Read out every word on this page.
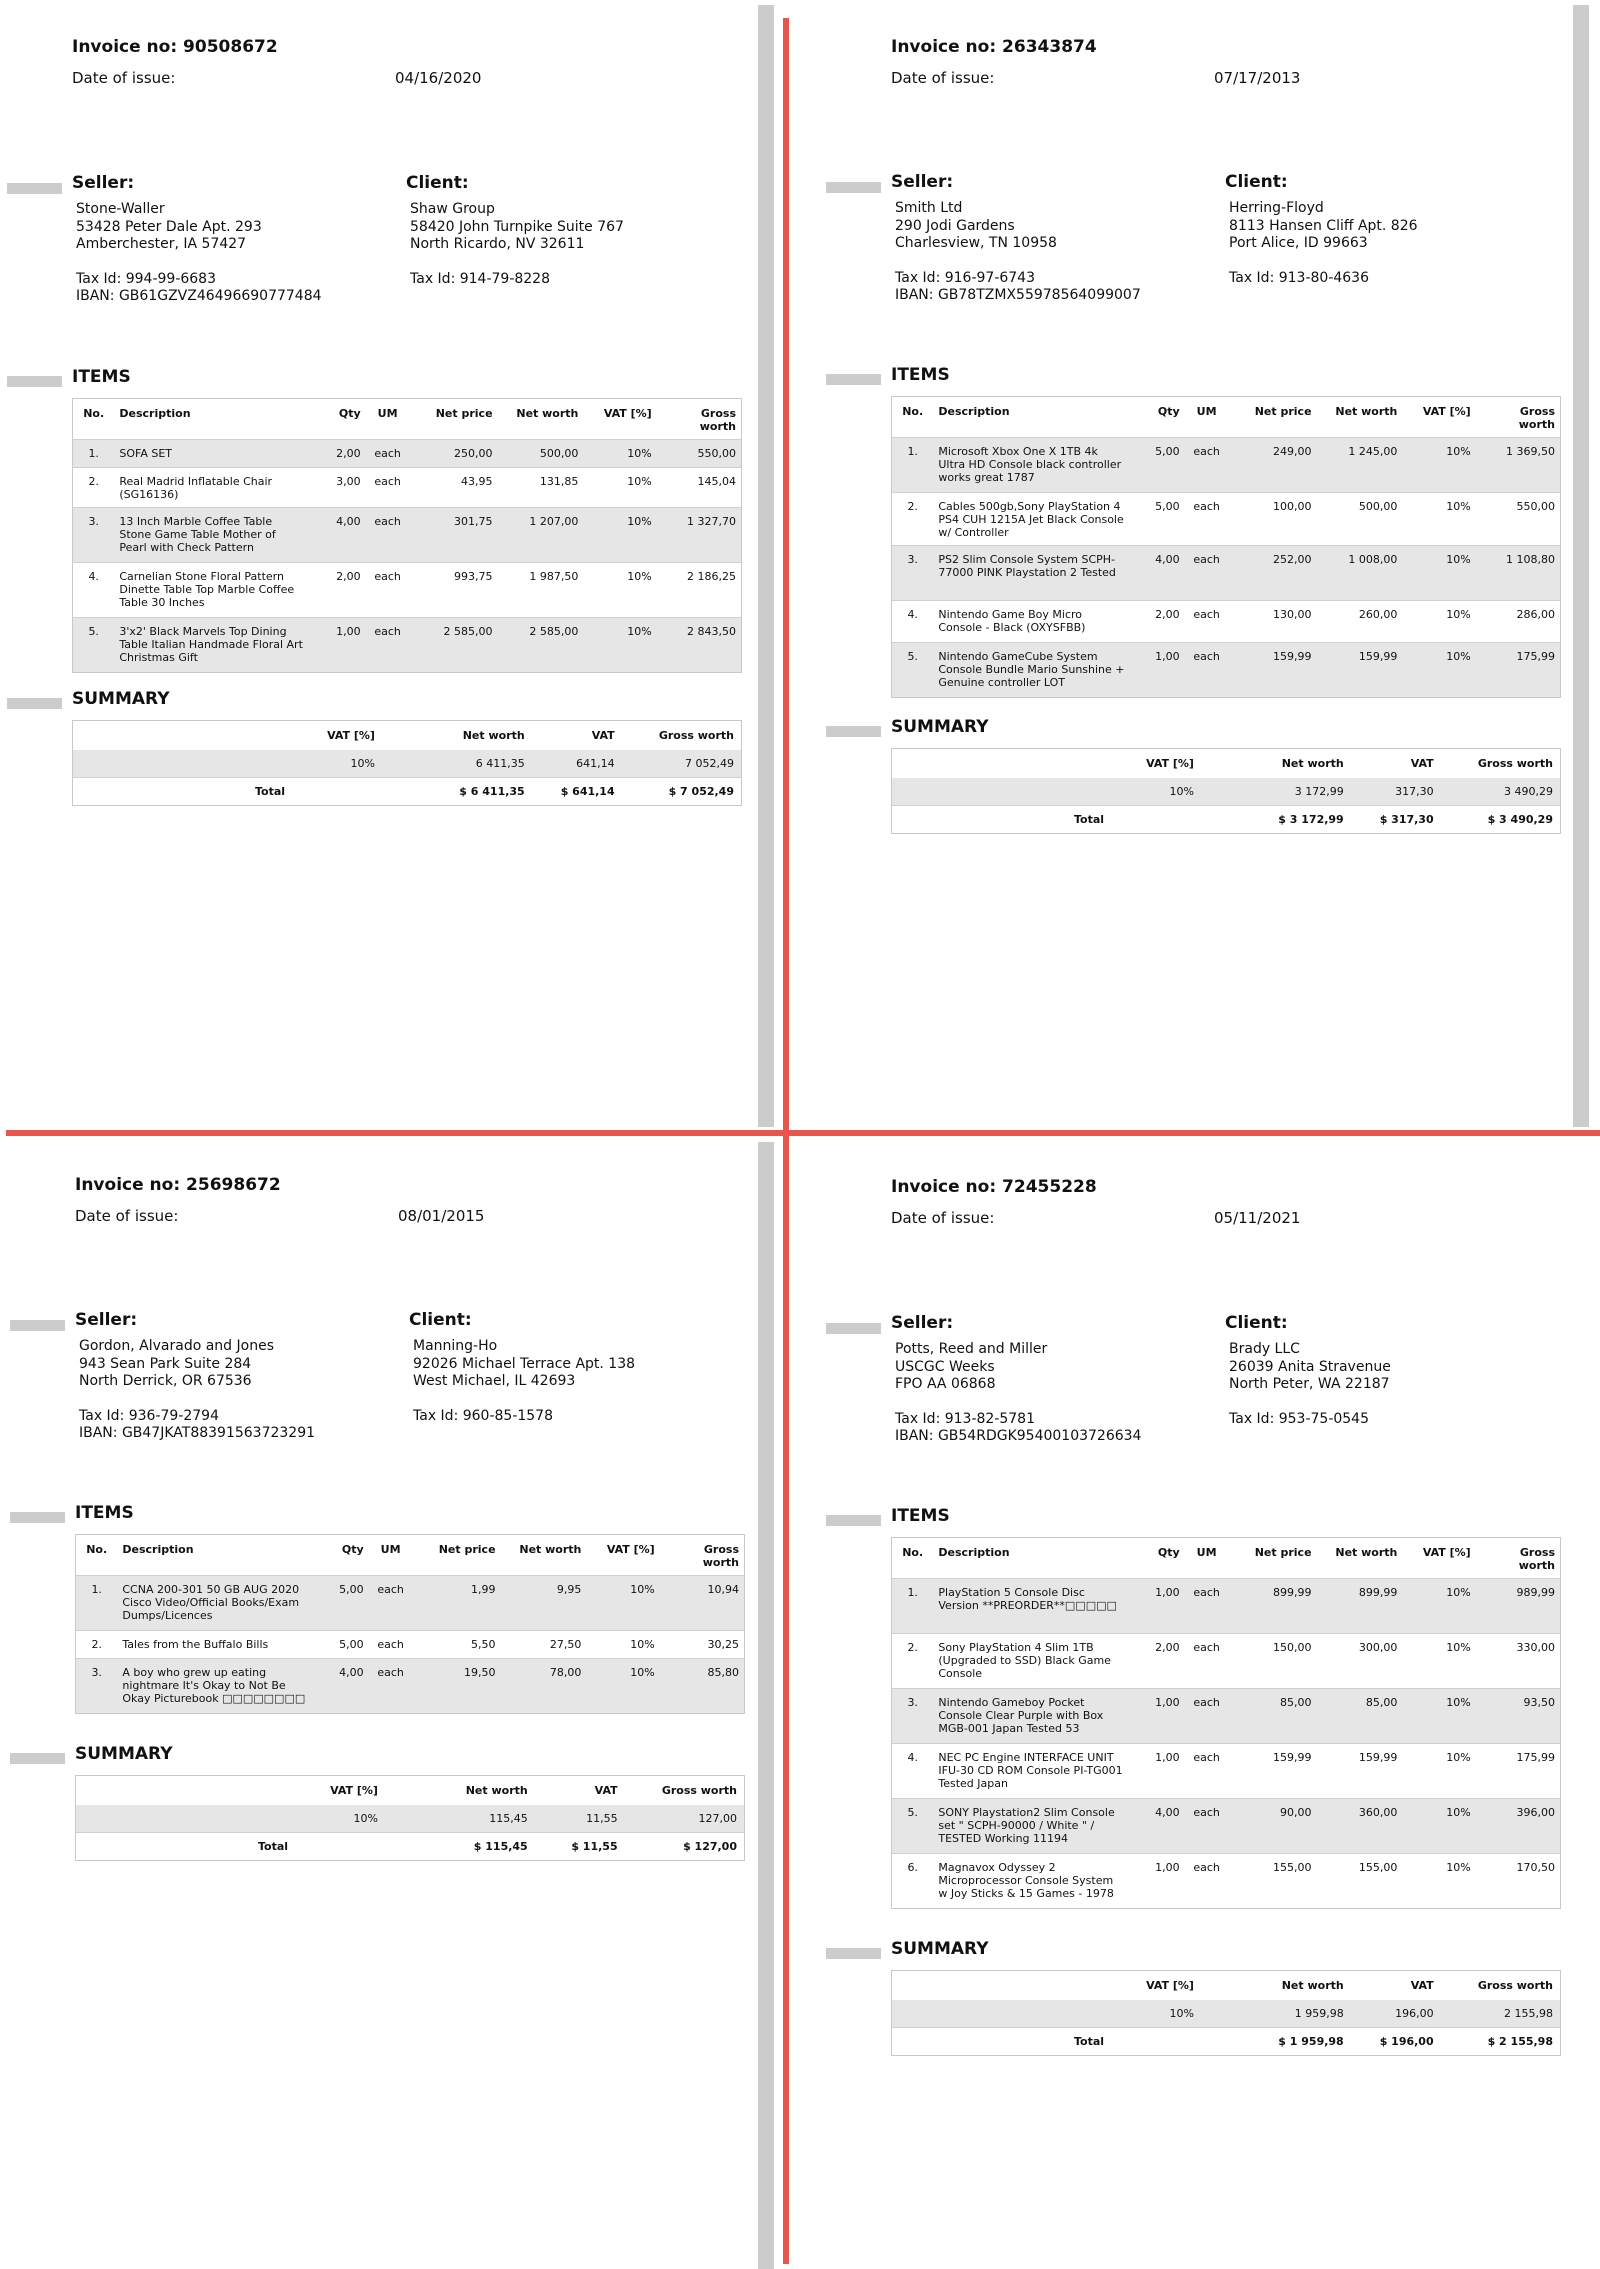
Invoice no: 90508672
Date of issue:	04/16/2020
Seller:
Stone-Waller
53428 Peter Dale Apt. 293
Amberchester, IA 57427
Tax Id: 994-99-6683
IBAN: GB61GZVZ46496690777484
Client:
Shaw Group
58420 John Turnpike Suite 767
North Ricardo, NV 32611
Tax Id: 914-79-8228
ITEMS
No.	Description	Qty	UM	Net price	Net worth	VAT [%]	Gross worth
1.	SOFA SET	2,00	each	250,00	500,00	10%	550,00
2.	Real Madrid Inflatable Chair (SG16136)	3,00	each	43,95	131,85	10%	145,04
3.	13 Inch Marble Coffee Table Stone Game Table Mother of Pearl with Check Pattern	4,00	each	301,75	1 207,00	10%	1 327,70
4.	Carnelian Stone Floral Pattern Dinette Table Top Marble Coffee Table 30 Inches	2,00	each	993,75	1 987,50	10%	2 186,25
5.	3'x2' Black Marvels Top Dining Table Italian Handmade Floral Art Christmas Gift	1,00	each	2 585,00	2 585,00	10%	2 843,50
SUMMARY
	VAT [%]	Net worth	VAT	Gross worth
	10%	6 411,35	641,14	7 052,49
Total		$ 6 411,35	$ 641,14	$ 7 052,49
Invoice no: 26343874
Date of issue:	07/17/2013
Seller:
Smith Ltd
290 Jodi Gardens
Charlesview, TN 10958
Tax Id: 916-97-6743
IBAN: GB78TZMX55978564099007
Client:
Herring-Floyd
8113 Hansen Cliff Apt. 826
Port Alice, ID 99663
Tax Id: 913-80-4636
ITEMS
No.	Description	Qty	UM	Net price	Net worth	VAT [%]	Gross worth
1.	Microsoft Xbox One X 1TB 4k Ultra HD Console black controller works great 1787	5,00	each	249,00	1 245,00	10%	1 369,50
2.	Cables 500gb,Sony PlayStation 4 PS4 CUH 1215A Jet Black Console w/ Controller	5,00	each	100,00	500,00	10%	550,00
3.	PS2 Slim Console System SCPH-77000 PINK Playstation 2 Tested	4,00	each	252,00	1 008,00	10%	1 108,80
4.	Nintendo Game Boy Micro Console - Black (OXYSFBB)	2,00	each	130,00	260,00	10%	286,00
5.	Nintendo GameCube System Console Bundle Mario Sunshine + Genuine controller LOT	1,00	each	159,99	159,99	10%	175,99
SUMMARY
	VAT [%]	Net worth	VAT	Gross worth
	10%	3 172,99	317,30	3 490,29
Total		$ 3 172,99	$ 317,30	$ 3 490,29
Invoice no: 25698672
Date of issue:	08/01/2015
Seller:
Gordon, Alvarado and Jones
943 Sean Park Suite 284
North Derrick, OR 67536
Tax Id: 936-79-2794
IBAN: GB47JKAT88391563723291
Client:
Manning-Ho
92026 Michael Terrace Apt. 138
West Michael, IL 42693
Tax Id: 960-85-1578
ITEMS
No.	Description	Qty	UM	Net price	Net worth	VAT [%]	Gross worth
1.	CCNA 200-301 50 GB AUG 2020 Cisco Video/Official Books/Exam Dumps/Licences	5,00	each	1,99	9,95	10%	10,94
2.	Tales from the Buffalo Bills	5,00	each	5,50	27,50	10%	30,25
3.	A boy who grew up eating nightmare It's Okay to Not Be Okay Picturebook □□□□□□□□	4,00	each	19,50	78,00	10%	85,80
SUMMARY
	VAT [%]	Net worth	VAT	Gross worth
	10%	115,45	11,55	127,00
Total		$ 115,45	$ 11,55	$ 127,00
Invoice no: 72455228
Date of issue:	05/11/2021
Seller:
Potts, Reed and Miller
USCGC Weeks
FPO AA 06868
Tax Id: 913-82-5781
IBAN: GB54RDGK95400103726634
Client:
Brady LLC
26039 Anita Stravenue
North Peter, WA 22187
Tax Id: 953-75-0545
ITEMS
No.	Description	Qty	UM	Net price	Net worth	VAT [%]	Gross worth
1.	PlayStation 5 Console Disc Version **PREORDER**□□□□□	1,00	each	899,99	899,99	10%	989,99
2.	Sony PlayStation 4 Slim 1TB (Upgraded to SSD) Black Game Console	2,00	each	150,00	300,00	10%	330,00
3.	Nintendo Gameboy Pocket Console Clear Purple with Box MGB-001 Japan Tested 53	1,00	each	85,00	85,00	10%	93,50
4.	NEC PC Engine INTERFACE UNIT IFU-30 CD ROM Console PI-TG001 Tested Japan	1,00	each	159,99	159,99	10%	175,99
5.	SONY Playstation2 Slim Console set " SCPH-90000 / White " / TESTED Working 11194	4,00	each	90,00	360,00	10%	396,00
6.	Magnavox Odyssey 2 Microprocessor Console System w Joy Sticks & 15 Games - 1978	1,00	each	155,00	155,00	10%	170,50
SUMMARY
	VAT [%]	Net worth	VAT	Gross worth
	10%	1 959,98	196,00	2 155,98
Total		$ 1 959,98	$ 196,00	$ 2 155,98
